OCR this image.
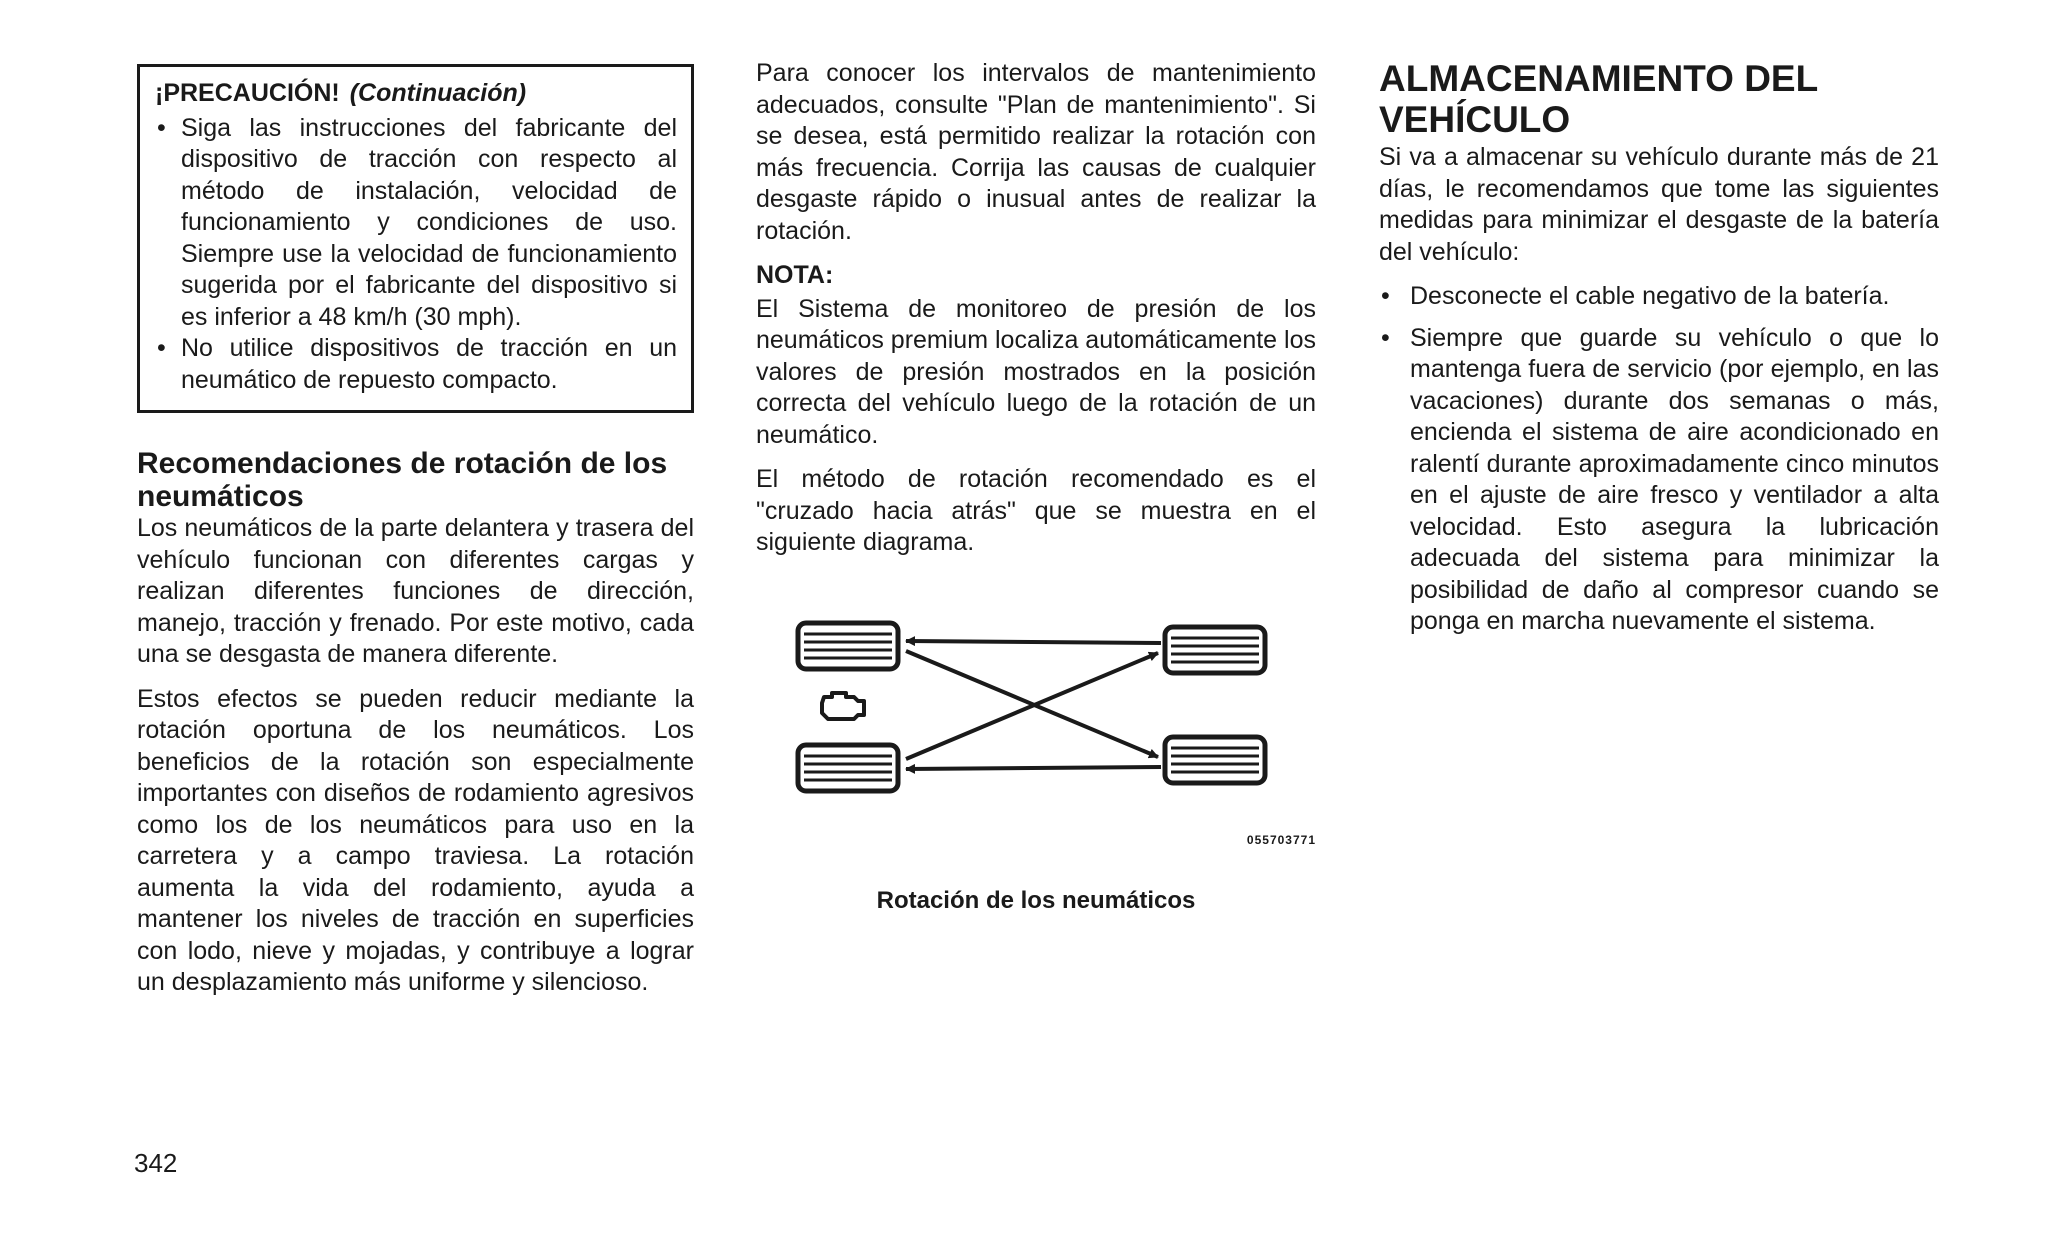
¡PRECAUCIÓN! (Continuación)
• Siga las instrucciones del fabricante del dispositivo de tracción con respecto al método de instalación, velocidad de funcionamiento y condiciones de uso. Siempre use la velocidad de funcionamiento sugerida por el fabricante del dispositivo si es inferior a 48 km/h (30 mph).
• No utilice dispositivos de tracción en un neumático de repuesto compacto.
Recomendaciones de rotación de los neumáticos

Los neumáticos de la parte delantera y trasera del vehículo funcionan con diferentes cargas y realizan diferentes funciones de dirección, manejo, tracción y frenado. Por este motivo, cada una se desgasta de manera diferente.

Estos efectos se pueden reducir mediante la rotación oportuna de los neumáticos. Los beneficios de la rotación son especialmente importantes con diseños de rodamiento agresivos como los de los neumáticos para uso en la carretera y a campo traviesa. La rotación aumenta la vida del rodamiento, ayuda a mantener los niveles de tracción en superficies con lodo, nieve y mojadas, y contribuye a lograr un desplazamiento más uniforme y silencioso.

Para conocer los intervalos de mantenimiento adecuados, consulte "Plan de mantenimiento". Si se desea, está permitido realizar la rotación con más frecuencia. Corrija las causas de cualquier desgaste rápido o inusual antes de realizar la rotación.

NOTA:

El Sistema de monitoreo de presión de los neumáticos premium localiza automáticamente los valores de presión mostrados en la posición correcta del vehículo luego de la rotación de un neumático.

El método de rotación recomendado es el "cruzado hacia atrás" que se muestra en el siguiente diagrama.

055703771
Rotación de los neumáticos
ALMACENAMIENTO DEL VEHÍCULO

Si va a almacenar su vehículo durante más de 21 días, le recomendamos que tome las siguientes medidas para minimizar el desgaste de la batería del vehículo:

• Desconecte el cable negativo de la batería.
• Siempre que guarde su vehículo o que lo mantenga fuera de servicio (por ejemplo, en las vacaciones) durante dos semanas o más, encienda el sistema de aire acondicionado en ralentí durante aproximadamente cinco minutos en el ajuste de aire fresco y ventilador a alta velocidad. Esto asegura la lubricación adecuada del sistema para minimizar la posibilidad de daño al compresor cuando se ponga en marcha nuevamente el sistema.
342
